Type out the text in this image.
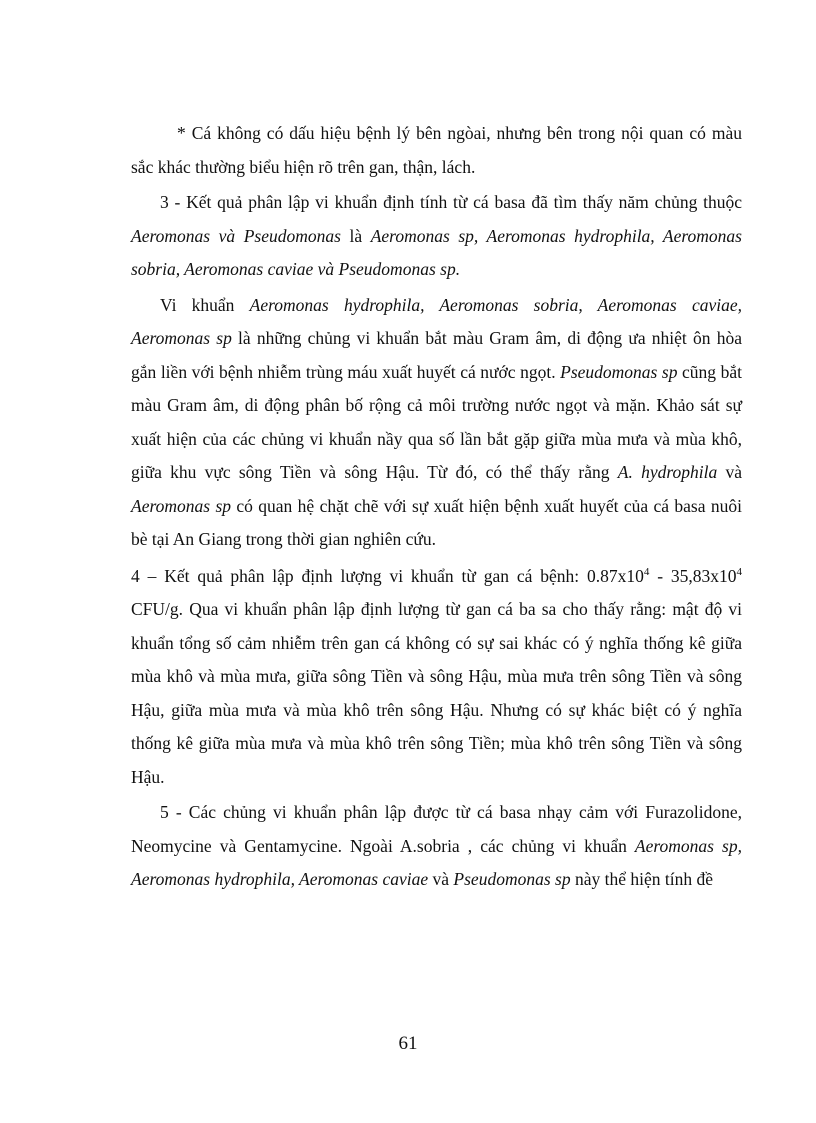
* Cá không có dấu hiệu bệnh lý bên ngòai, nhưng bên trong nội quan có màu sắc khác thường biểu hiện rõ trên gan, thận, lách.

3 - Kết quả phân lập vi khuẩn định tính từ cá basa đã tìm thấy năm chủng thuộc Aeromonas và Pseudomonas là Aeromonas sp, Aeromonas hydrophila, Aeromonas sobria, Aeromonas caviae và Pseudomonas sp.

Vi khuẩn Aeromonas hydrophila, Aeromonas sobria, Aeromonas caviae, Aeromonas sp là những chủng vi khuẩn bắt màu Gram âm, di động ưa nhiệt ôn hòa gắn liền với bệnh nhiễm trùng máu xuất huyết cá nước ngọt. Pseudomonas sp cũng bắt màu Gram âm, di động phân bố rộng cả môi trường nước ngọt và mặn. Khảo sát sự xuất hiện của các chủng vi khuẩn nầy qua số lần bắt gặp giữa mùa mưa và mùa khô, giữa khu vực sông Tiền và sông Hậu. Từ đó, có thể thấy rằng A. hydrophila và Aeromonas sp có quan hệ chặt chẽ với sự xuất hiện bệnh xuất huyết của cá basa nuôi bè tại An Giang trong thời gian nghiên cứu.

4 – Kết quả phân lập định lượng vi khuẩn từ gan cá bệnh: $0.87x10^4 - 35,83x10^4$ CFU/g. Qua vi khuẩn phân lập định lượng từ gan cá ba sa cho thấy rằng: mật độ vi khuẩn tổng số cảm nhiễm trên gan cá không có sự sai khác có ý nghĩa thống kê giữa mùa khô và mùa mưa, giữa sông Tiền và sông Hậu, mùa mưa trên sông Tiền và sông Hậu, giữa mùa mưa và mùa khô trên sông Hậu. Nhưng có sự khác biệt có ý nghĩa thống kê giữa mùa mưa và mùa khô trên sông Tiền; mùa khô trên sông Tiền và sông Hậu.

5 - Các chủng vi khuẩn phân lập được từ cá basa nhạy cảm với Furazolidone, Neomycine và Gentamycine. Ngoài A.sobria , các chủng vi khuẩn Aeromonas sp, Aeromonas hydrophila, Aeromonas caviae và Pseudomonas sp này thể hiện tính đề

61
